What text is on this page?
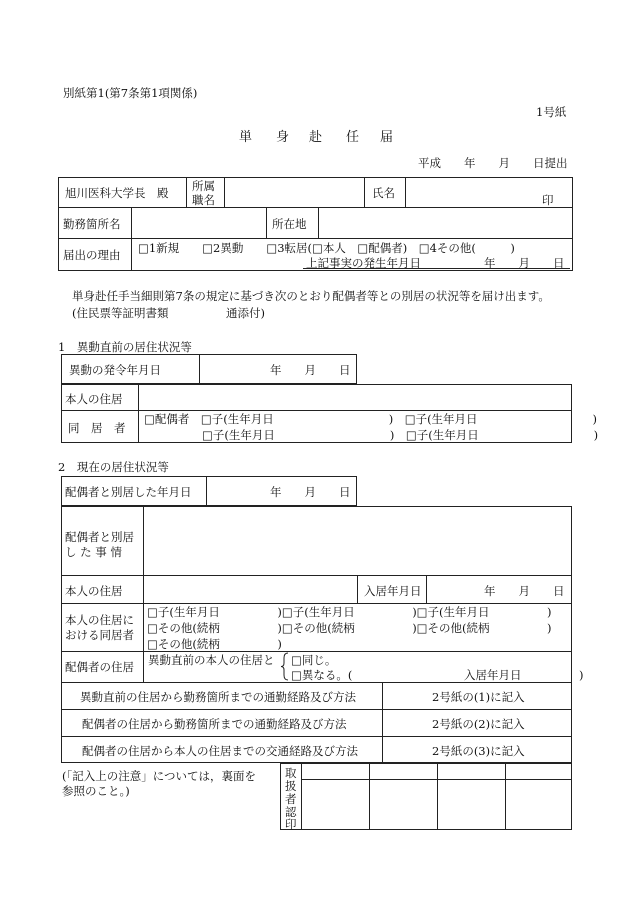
別紙第1(第7条第1項関係)
1号紙
単 身 赴 任 届
平成　　年　　月　　日提出
旭川医科大学長　殿 所属
職名	氏名	印
勤務箇所名	所在地
届出の理由 □1新規　　□2異動　　□3転居(□本人　□配偶者)　□4その他(　　　)
上記事実の発生年月日	年　　月　　日
単身赴任手当細則第7条の規定に基づき次のとおり配偶者等との別居の状況等を届け出ます。
(住民票等証明書類　　　　　通添付)
1　異動直前の居住状況等
異動の発令年月日	年　　月　　日
本人の住居
同　居　者
□配偶者　□子(生年月日　　　　　　　　　　)　□子(生年月日　　　　　　　　　　)
□子(生年月日　　　　　　　　　　)　□子(生年月日　　　　　　　　　　)
2　現在の居住状況等
配偶者と別居した年月日	年　　月　　日
配偶者と別居
し た 事 情
本人の住居	入居年月日	年　　月　　日
本人の住居に
おける同居者
□子(生年月日　　　　　)□子(生年月日　　　　　)□子(生年月日　　　　　)
□その他(続柄　　　　　)□その他(続柄　　　　　)□その他(続柄　　　　　)
□その他(続柄　　　　　)
配偶者の住居 異動直前の本人の住居と □同じ。
□異なる。(	入居年月日　　　　　)
異動直前の住居から勤務箇所までの通勤経路及び方法	2号紙の(1)に記入
配偶者の住居から勤務箇所までの通勤経路及び方法	2号紙の(2)に記入
配偶者の住居から本人の住居までの交通経路及び方法	2号紙の(3)に記入
(「記入上の注意」については，裏面を
参照のこと。)
取
扱
者
認
印
